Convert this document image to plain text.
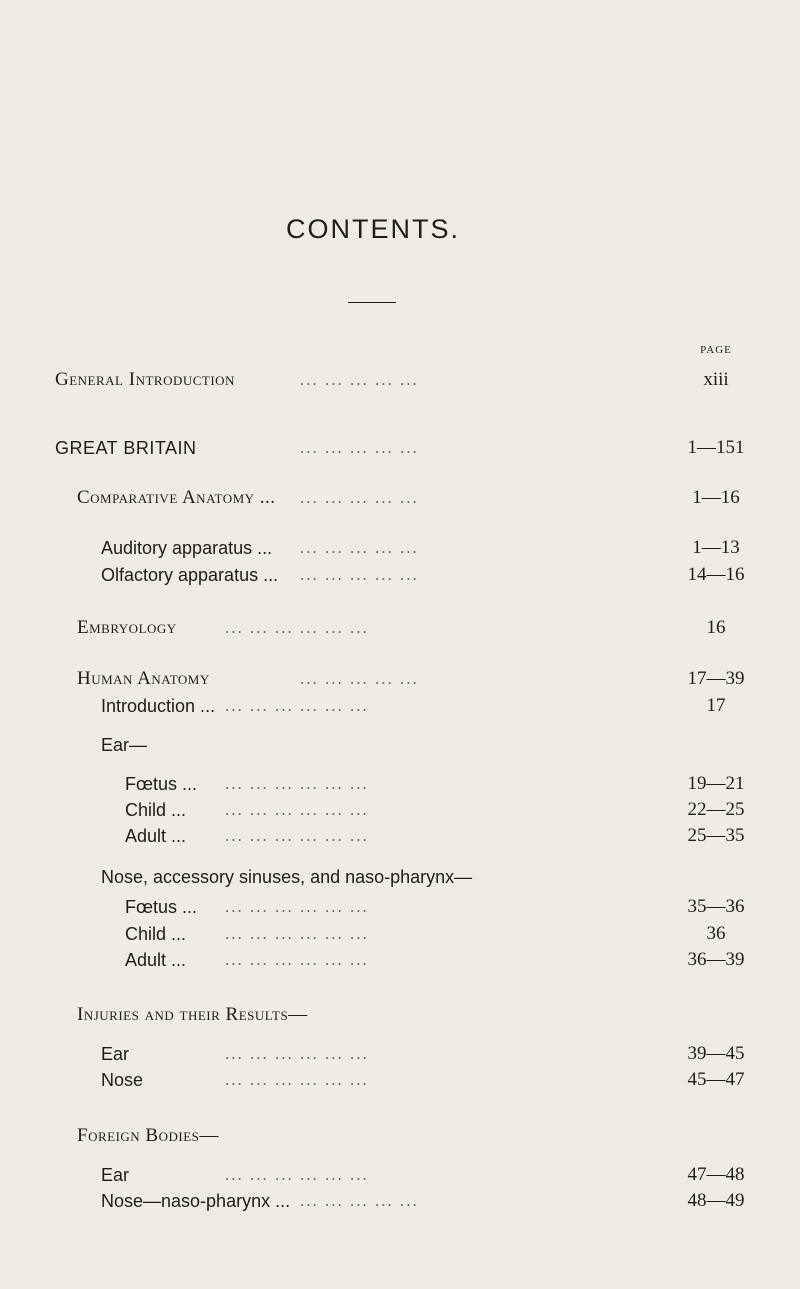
CONTENTS.
PAGE
General Introduction	... ... ... ... ...	xiii
GREAT BRITAIN	... ... ... ... ...	1—151
Comparative Anatomy ... ... ... ... ... ...	1—16
Auditory apparatus ... ... ... ... ... ...	1—13
Olfactory apparatus ... ... ... ... ... ...	14—16
Embryology	... ... ... ... ... ...	16
Human Anatomy	... ... ... ... ...	17—39
Introduction ... ... ... ... ... ... ...	17
Ear—
Fœtus ... ... ... ... ... ... ...	19—21
Child ... ... ... ... ... ... ...	22—25
Adult ... ... ... ... ... ... ...	25—35
Nose, accessory sinuses, and naso-pharynx—
Fœtus ... ... ... ... ... ... ...	35—36
Child ... ... ... ... ... ... ...	36
Adult ... ... ... ... ... ... ...	36—39
Injuries and their Results—
Ear	... ... ... ... ... ...	39—45
Nose	... ... ... ... ... ...	45—47
Foreign Bodies—
Ear	... ... ... ... ... ...	47—48
Nose—naso-pharynx ... ... ... ... ... ...	48—49
